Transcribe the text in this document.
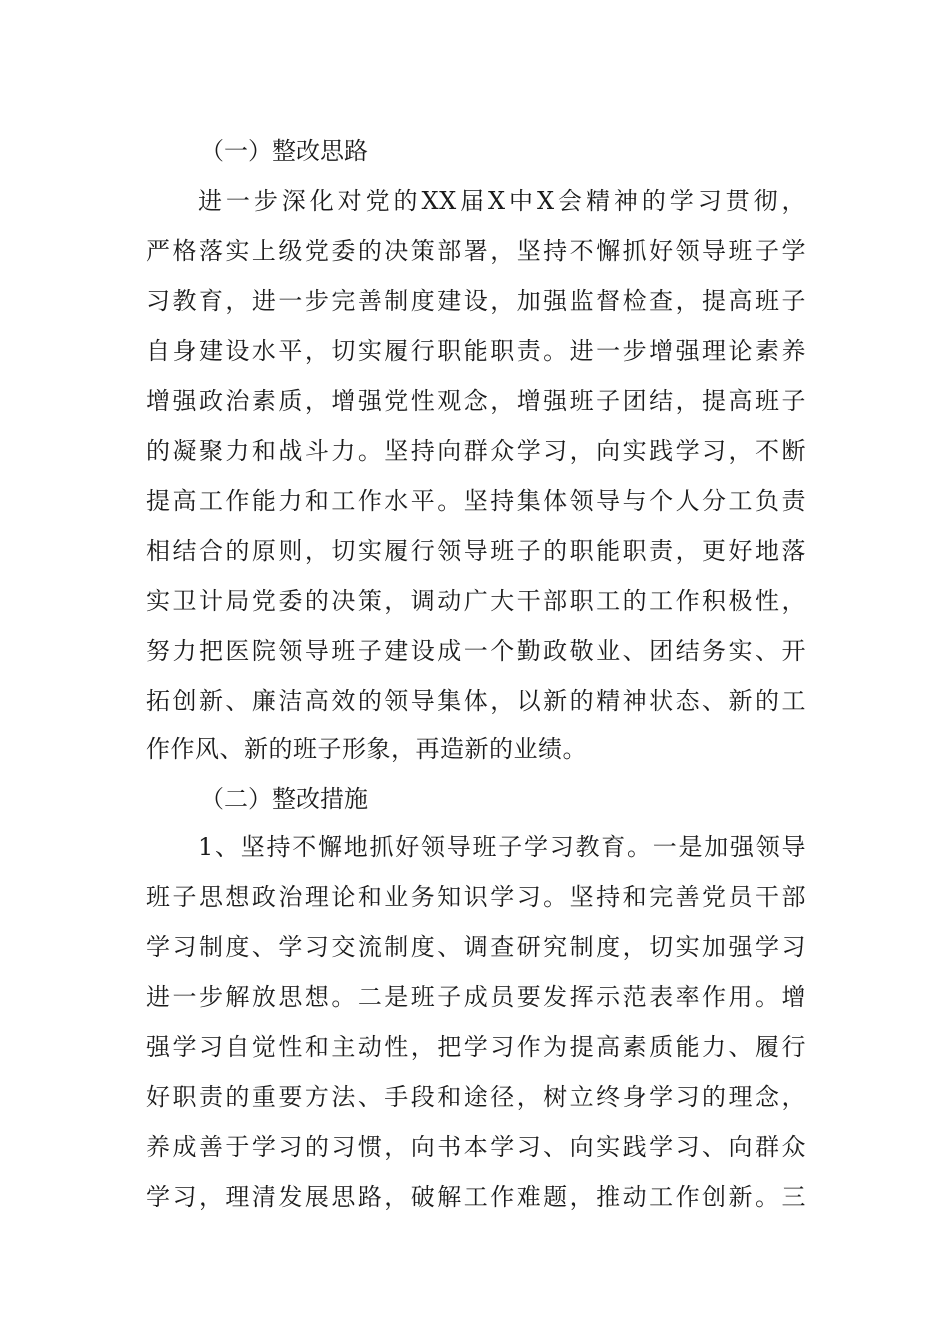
（一）整改思路
进一步深化对党的XX届X中X会精神的学习贯彻，
严格落实上级党委的决策部署，坚持不懈抓好领导班子学
习教育，进一步完善制度建设，加强监督检查，提高班子
自身建设水平，切实履行职能职责。进一步增强理论素养
增强政治素质，增强党性观念，增强班子团结，提高班子
的凝聚力和战斗力。坚持向群众学习，向实践学习，不断
提高工作能力和工作水平。坚持集体领导与个人分工负责
相结合的原则，切实履行领导班子的职能职责，更好地落
实卫计局党委的决策，调动广大干部职工的工作积极性，
努力把医院领导班子建设成一个勤政敬业、团结务实、开
拓创新、廉洁高效的领导集体，以新的精神状态、新的工
作作风、新的班子形象，再造新的业绩。
（二）整改措施
1、坚持不懈地抓好领导班子学习教育。一是加强领导
班子思想政治理论和业务知识学习。坚持和完善党员干部
学习制度、学习交流制度、调查研究制度，切实加强学习
进一步解放思想。二是班子成员要发挥示范表率作用。增
强学习自觉性和主动性，把学习作为提高素质能力、履行
好职责的重要方法、手段和途径，树立终身学习的理念，
养成善于学习的习惯，向书本学习、向实践学习、向群众
学习，理清发展思路，破解工作难题，推动工作创新。三
